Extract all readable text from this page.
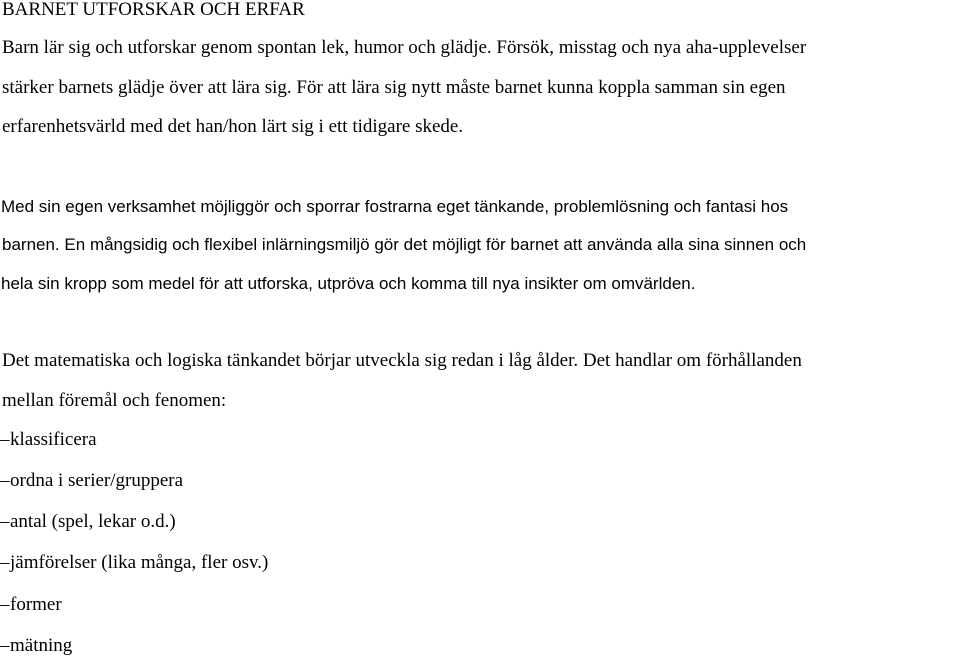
BARNET UTFORSKAR OCH ERFAR
Barn lär sig och utforskar genom spontan lek, humor och glädje. Försök, misstag och nya aha-upplevelser
stärker barnets glädje över att lära sig. För att lära sig nytt måste barnet kunna koppla samman sin egen
erfarenhetsvärld med det han/hon lärt sig i ett tidigare skede.
Med sin egen verksamhet möjliggör och sporrar fostrarna eget tänkande, problemlösning och fantasi hos
barnen. En mångsidig och flexibel inlärningsmiljö gör det möjligt för barnet att använda alla sina sinnen och
hela sin kropp som medel för att utforska, utpröva och komma till nya insikter om omvärlden.
Det matematiska och logiska tänkandet börjar utveckla sig redan i låg ålder. Det handlar om förhållanden
mellan föremål och fenomen:
–klassificera
–ordna i serier/gruppera
–antal (spel, lekar o.d.)
–jämförelser (lika många, fler osv.)
–former
–mätning
